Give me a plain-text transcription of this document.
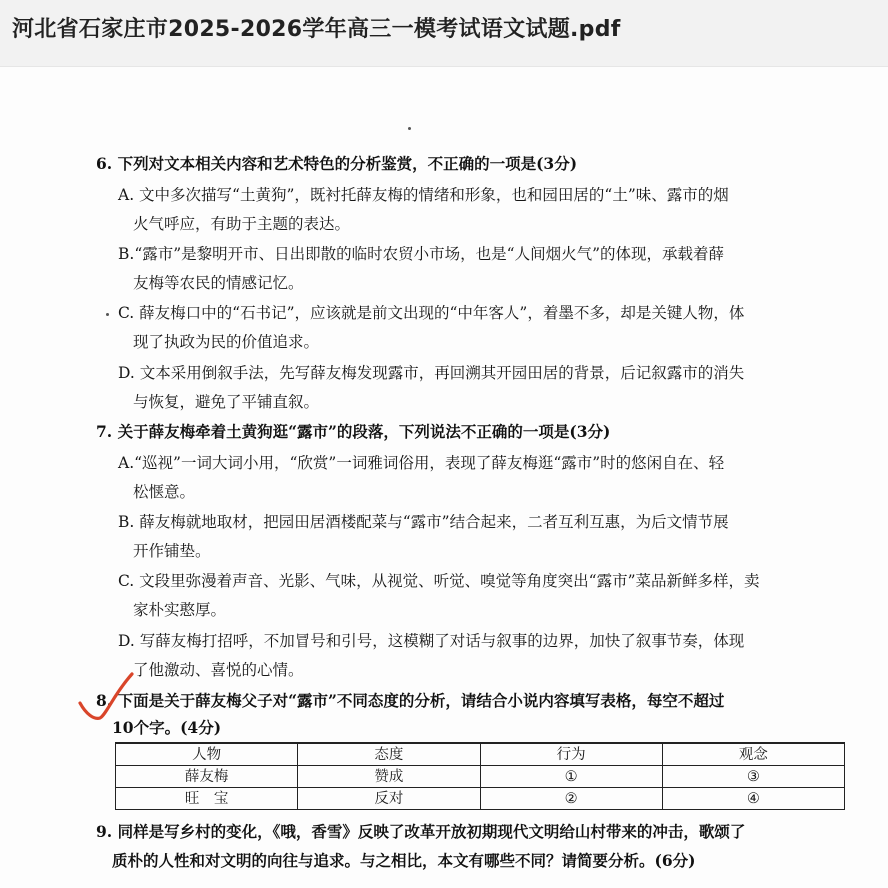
河北省石家庄市2025-2026学年高三一模考试语文试题.pdf
6. 下列对文本相关内容和艺术特色的分析鉴赏，不正确的一项是(3分)
A. 文中多次描写“土黄狗”，既衬托薛友梅的情绪和形象，也和园田居的“土”味、露市的烟
火气呼应，有助于主题的表达。
B.“露市”是黎明开市、日出即散的临时农贸小市场，也是“人间烟火气”的体现，承载着薛
友梅等农民的情感记忆。
C. 薛友梅口中的“石书记”，应该就是前文出现的“中年客人”，着墨不多，却是关键人物，体
现了执政为民的价值追求。
D. 文本采用倒叙手法，先写薛友梅发现露市，再回溯其开园田居的背景，后记叙露市的消失
与恢复，避免了平铺直叙。
7. 关于薛友梅牵着土黄狗逛“露市”的段落，下列说法不正确的一项是(3分)
A.“巡视”一词大词小用，“欣赏”一词雅词俗用，表现了薛友梅逛“露市”时的悠闲自在、轻
松惬意。
B. 薛友梅就地取材，把园田居酒楼配菜与“露市”结合起来，二者互利互惠，为后文情节展
开作铺垫。
C. 文段里弥漫着声音、光影、气味，从视觉、听觉、嗅觉等角度突出“露市”菜品新鲜多样，卖
家朴实憨厚。
D. 写薛友梅打招呼，不加冒号和引号，这模糊了对话与叙事的边界，加快了叙事节奏，体现
了他激动、喜悦的心情。
8. 下面是关于薛友梅父子对“露市”不同态度的分析，请结合小说内容填写表格，每空不超过
10个字。(4分)
人物	态度	行为	观念
薛友梅	赞成	①	③
旺　宝	反对	②	④
9. 同样是写乡村的变化，《哦，香雪》反映了改革开放初期现代文明给山村带来的冲击，歌颂了
质朴的人性和对文明的向往与追求。与之相比，本文有哪些不同？请简要分析。(6分)
